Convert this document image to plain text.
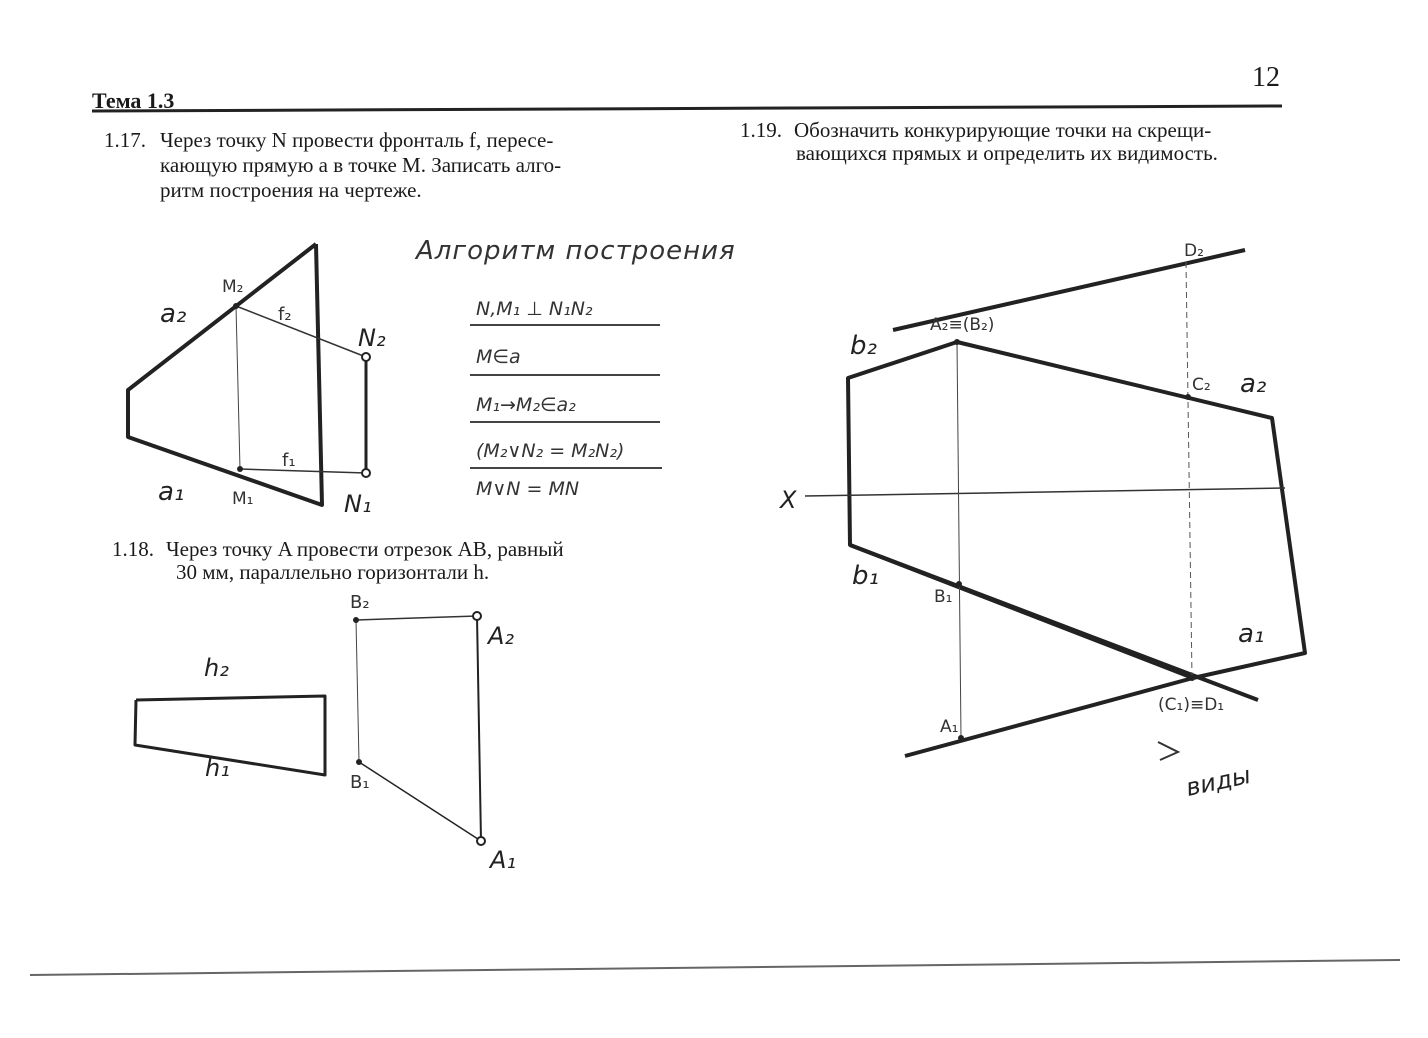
Тема 1.3
12
1.17. Через точку N провести фронталь f, пересе-
кающую прямую a в точке M. Записать алго-
ритм построения на чертеже.
Алгоритм построения
N,M₁ ⊥ N₁N₂
M∈a
M₁→M₂∈a₂
(M₂∨N₂ = M₂N₂)
M∨N = MN
1.18. Через точку A провести отрезок AB, равный
30 мм, параллельно горизонтали h.
1.19. Обозначить конкурирующие точки на скрещи-
вающихся прямых и определить их видимость.
a₂
a₁
M₂
M₁
f₂
f₁
N₂
N₁
B₂
A₂
h₂
h₁
B₁
A₁
D₂
A₂≡(B₂)
b₂
C₂ a₂
X
b₁
B₁
a₁
(C₁)≡D₁
A₁
виды
